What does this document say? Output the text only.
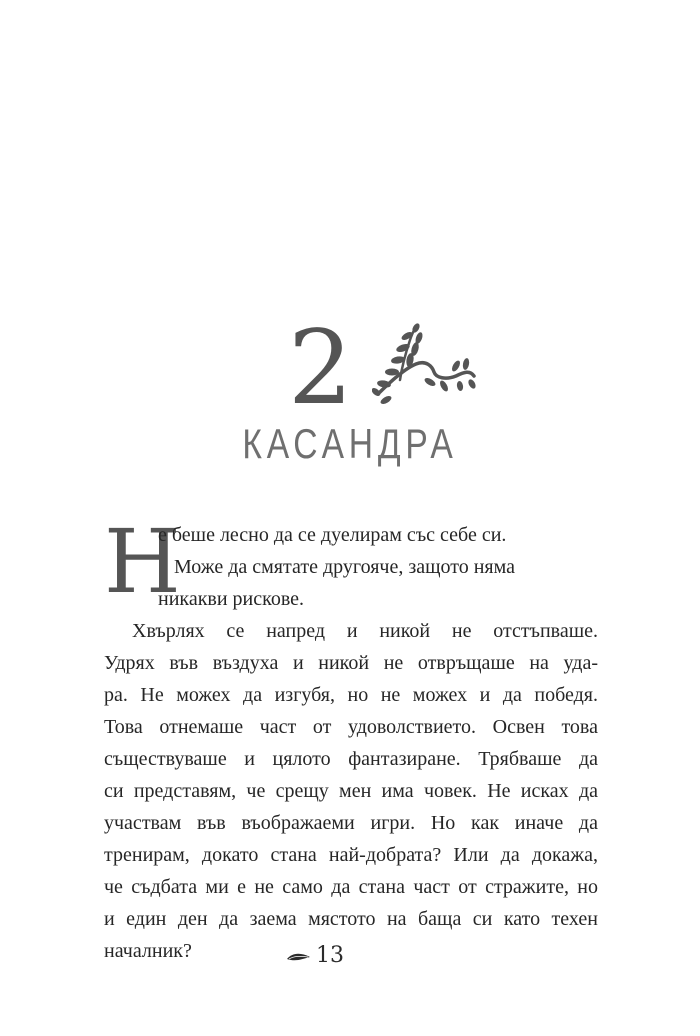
2
КАСАНДРА
Н
е беше лесно да се дуелирам със себе си.
Може да смятате другояче, защото няма
никакви рискове.
Хвърлях се напред и никой не отстъпваше.
Удрях във въздуха и никой не отвръщаше на уда-
ра. Не можех да изгубя, но не можех и да победя.
Това отнемаше част от удоволствието. Освен това
съществуваше и цялото фантазиране. Трябваше да
си представям, че срещу мен има човек. Не исках да
участвам във въображаеми игри. Но как иначе да
тренирам, докато стана най-добрата? Или да докажа,
че съдбата ми е не само да стана част от стражите, но
и един ден да заема мястото на баща си като техен
началник?	13
